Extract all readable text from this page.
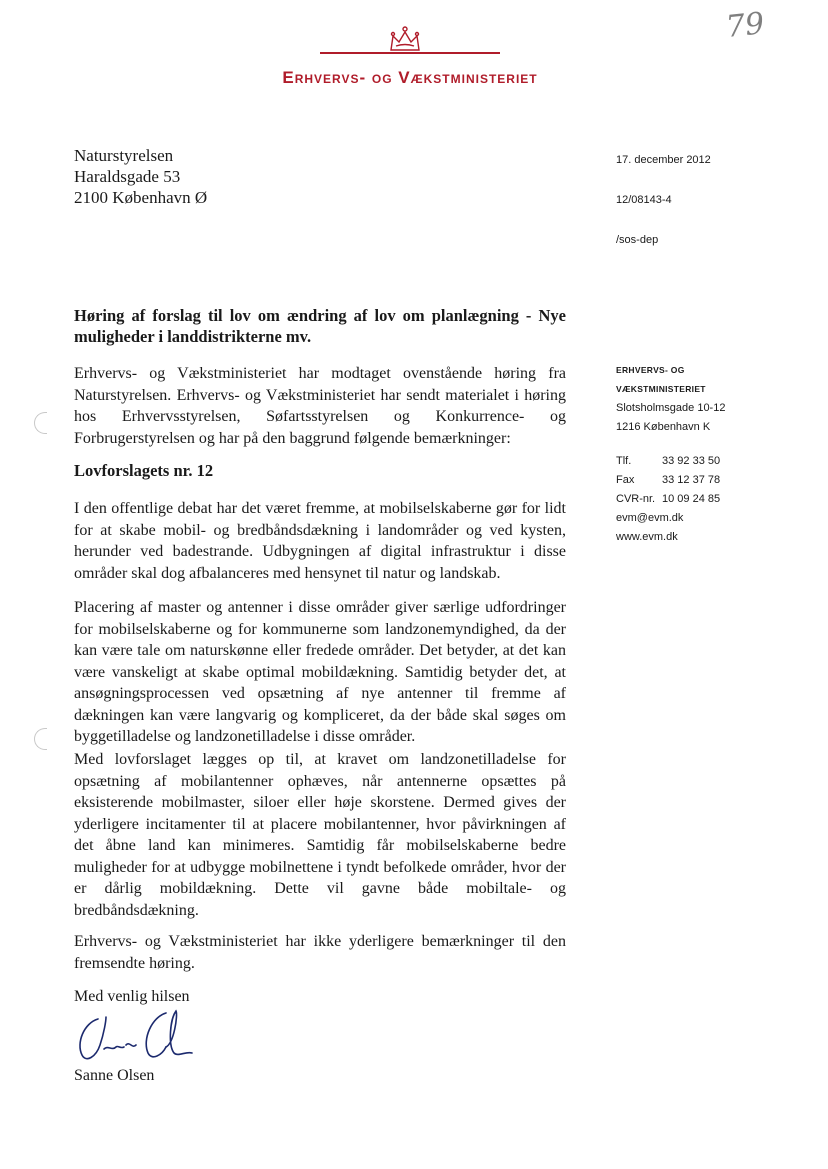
Erhvervs- og Vækstministeriet
79
Naturstyrelsen
Haraldsgade 53
2100 København Ø
17. december 2012
12/08143-4
/sos-dep
ERHVERVS- OG
VÆKSTMINISTERIET
Slotsholmsgade 10-12
1216 København K
Tlf.	33 92 33 50
Fax	33 12 37 78
CVR-nr. 10 09 24 85
evm@evm.dk
www.evm.dk
Høring af forslag til lov om ændring af lov om planlægning - Nye muligheder i landdistrikterne mv.
Erhvervs- og Vækstministeriet har modtaget ovenstående høring fra Naturstyrelsen. Erhvervs- og Vækstministeriet har sendt materialet i høring hos Erhvervsstyrelsen, Søfartsstyrelsen og Konkurrence- og Forbrugerstyrelsen og har på den baggrund følgende bemærkninger:
Lovforslagets nr. 12
I den offentlige debat har det været fremme, at mobilselskaberne gør for lidt for at skabe mobil- og bredbåndsdækning i landområder og ved kysten, herunder ved badestrande. Udbygningen af digital infrastruktur i disse områder skal dog afbalanceres med hensynet til natur og landskab.
Placering af master og antenner i disse områder giver særlige udfordringer for mobilselskaberne og for kommunerne som landzonemyndighed, da der kan være tale om naturskønne eller fredede områder. Det betyder, at det kan være vanskeligt at skabe optimal mobildækning. Samtidig betyder det, at ansøgningsprocessen ved opsætning af nye antenner til fremme af dækningen kan være langvarig og kompliceret, da der både skal søges om byggetilladelse og landzonetilladelse i disse områder.
Med lovforslaget lægges op til, at kravet om landzonetilladelse for opsætning af mobilantenner ophæves, når antennerne opsættes på eksisterende mobilmaster, siloer eller høje skorstene. Dermed gives der yderligere incitamenter til at placere mobilantenner, hvor påvirkningen af det åbne land kan minimeres. Samtidig får mobilselskaberne bedre muligheder for at udbygge mobilnettene i tyndt befolkede områder, hvor der er dårlig mobildækning. Dette vil gavne både mobiltale- og bredbåndsdækning.
Erhvervs- og Vækstministeriet har ikke yderligere bemærkninger til den fremsendte høring.
Med venlig hilsen
Sanne Olsen
